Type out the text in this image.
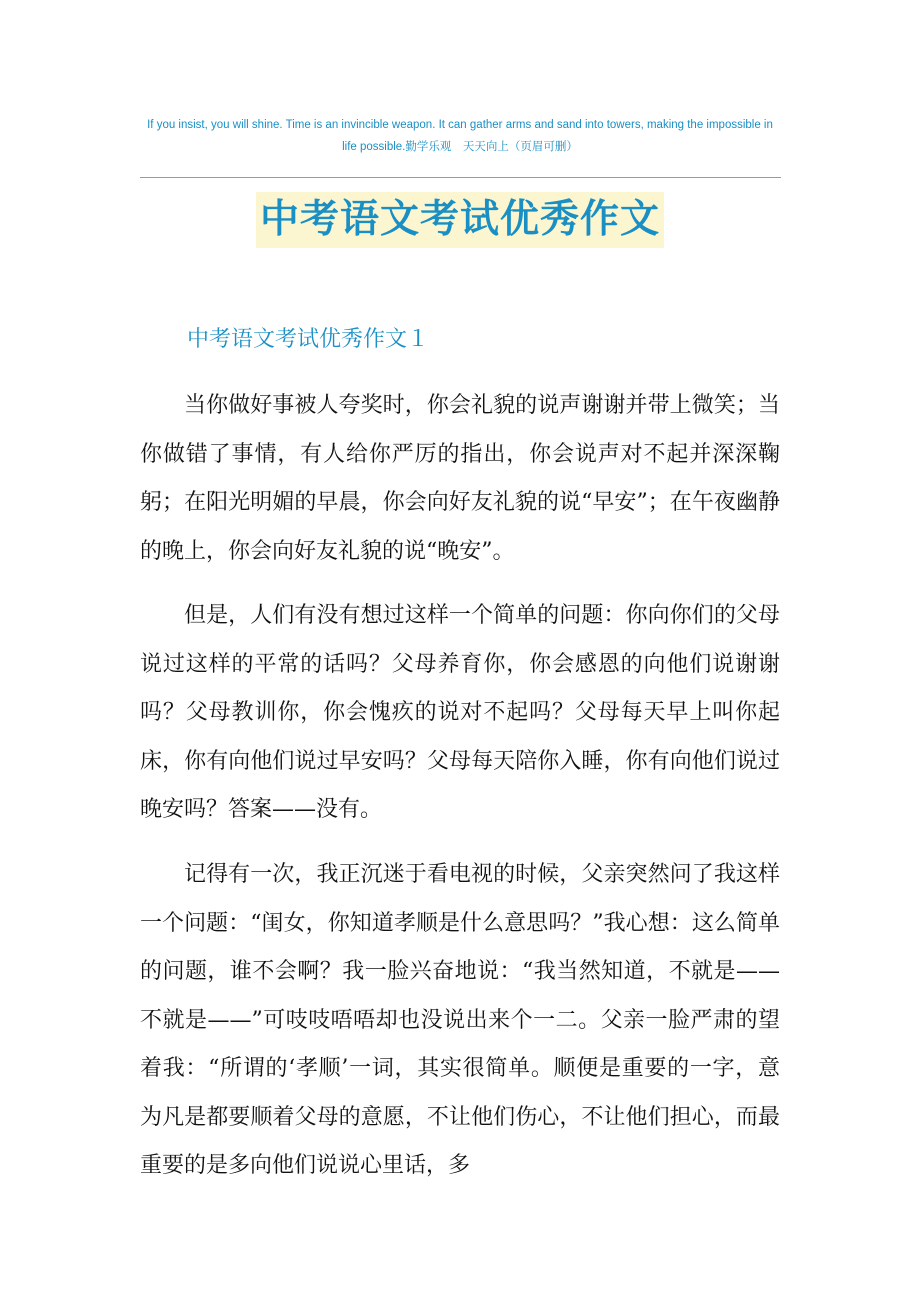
If you insist, you will shine. Time is an invincible weapon. It can gather arms and sand into towers, making the impossible in life possible.勤学乐观　天天向上（页眉可删）
中考语文考试优秀作文
中考语文考试优秀作文１

当你做好事被人夸奖时，你会礼貌的说声谢谢并带上微笑；当你做错了事情，有人给你严厉的指出，你会说声对不起并深深鞠躬；在阳光明媚的早晨，你会向好友礼貌的说“早安”；在午夜幽静的晚上，你会向好友礼貌的说“晚安”。

但是，人们有没有想过这样一个简单的问题：你向你们的父母说过这样的平常的话吗？父母养育你，你会感恩的向他们说谢谢吗？父母教训你，你会愧疚的说对不起吗？父母每天早上叫你起床，你有向他们说过早安吗？父母每天陪你入睡，你有向他们说过晚安吗？答案——没有。

记得有一次，我正沉迷于看电视的时候，父亲突然问了我这样一个问题：“闺女，你知道孝顺是什么意思吗？”我心想：这么简单的问题，谁不会啊？我一脸兴奋地说：“我当然知道，不就是——不就是——”可吱吱唔唔却也没说出来个一二。父亲一脸严肃的望着我：“所谓的‘孝顺’一词，其实很简单。顺便是重要的一字，意为凡是都要顺着父母的意愿，不让他们伤心，不让他们担心，而最重要的是多向他们说说心里话，多
